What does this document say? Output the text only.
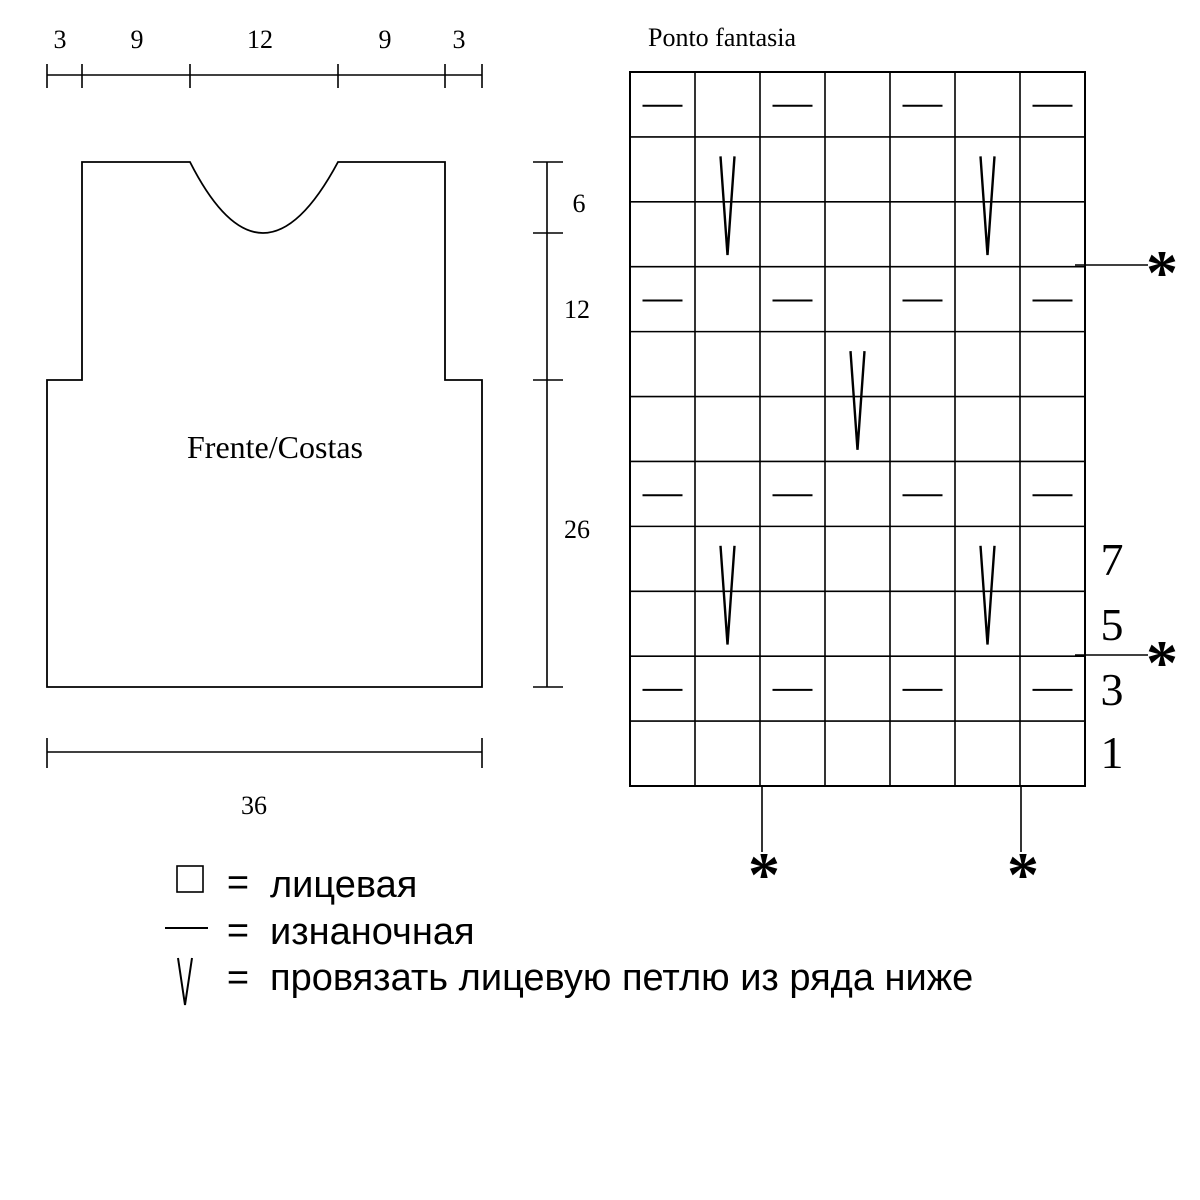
3 9	12	9 3
Frente/Costas
6
12
26
36
Ponto fantasia
7
5
3
1
*
*
*	*
= лицевая
= изнаночная
= провязать лицевую петлю из ряда ниже
